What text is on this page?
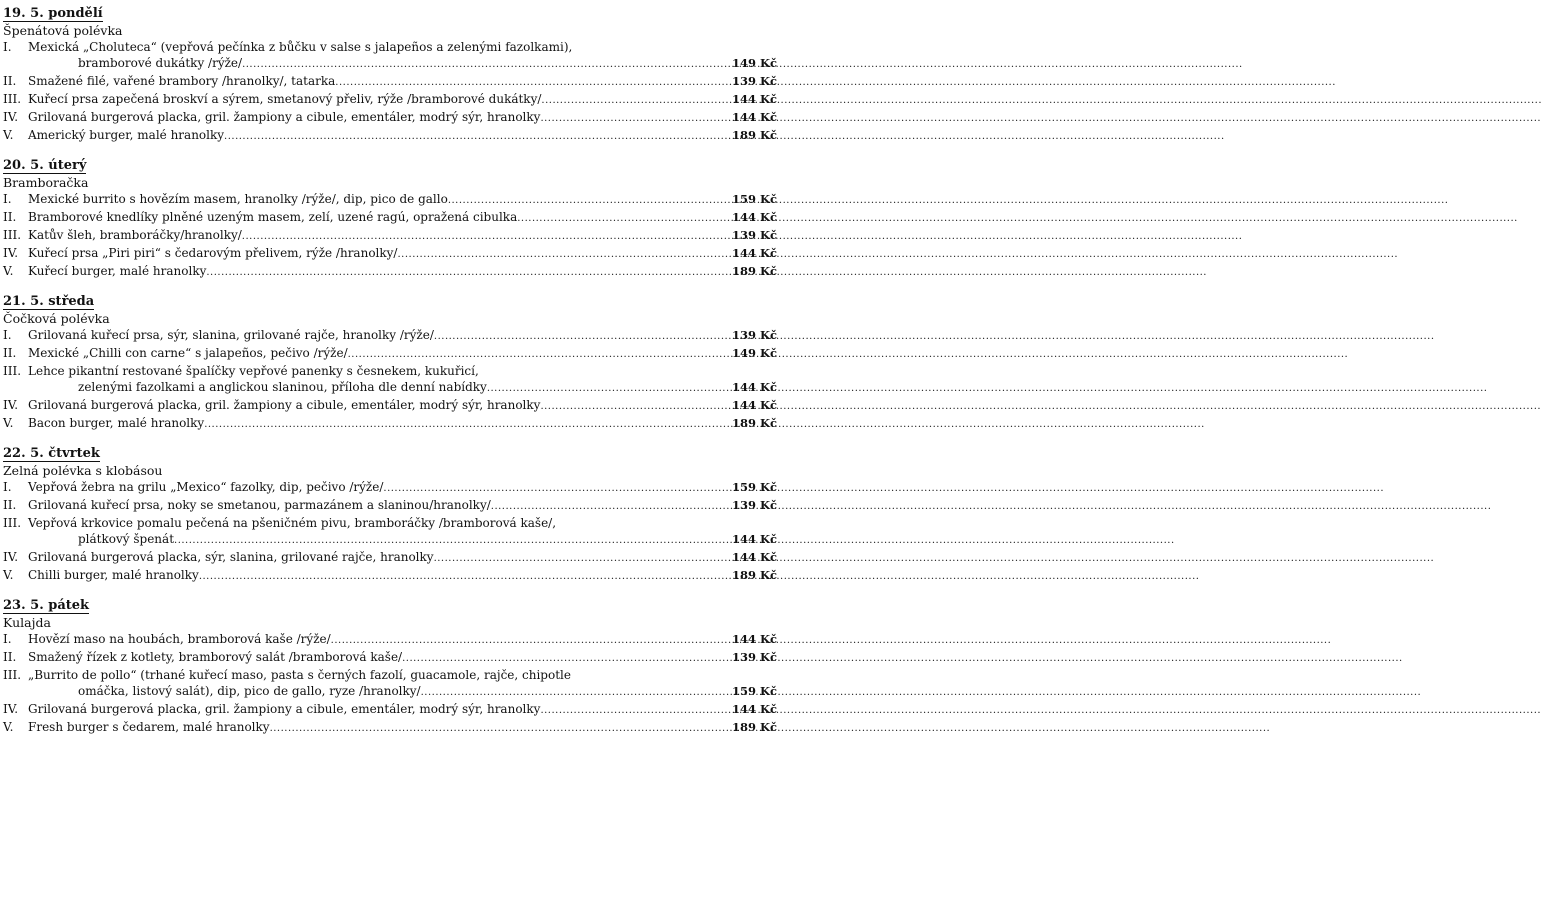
19. 5. pondělí
Špenátová polévka
I.	Mexická „Choluteca“ (vepřová pečínka z bůčku v salse s jalapeños a zelenými fazolkami),
bramborové dukátky /rýže/ .....	149 Kč
II. Smažené filé, vařené brambory /hranolky/, tatarka .....	139 Kč
III. Kuřecí prsa zapečená broskví a sýrem, smetanový přeliv, rýže /bramborové dukátky/ .....	144 Kč
IV. Grilovaná burgerová placka, gril. žampiony a cibule, ementáler, modrý sýr, hranolky .....	144 Kč
V.	Americký burger, malé hranolky .....	189 Kč
20. 5. úterý
Bramboračka
I.	Mexické burrito s hovězím masem, hranolky /rýže/, dip, pico de gallo .....	159 Kč
II. Bramborové knedlíky plněné uzeným masem, zelí, uzené ragú, opražená cibulka .....	144 Kč
III. Katův šleh, bramboráčky/hranolky/ .....	139 Kč
IV. Kuřecí prsa „Piri piri“ s čedarovým přelivem, rýže /hranolky/ .....	144 Kč
V.	Kuřecí burger, malé hranolky .....	189 Kč
21. 5. středa
Čočková polévka
I.	Grilovaná kuřecí prsa, sýr, slanina, grilované rajče, hranolky /rýže/ .....	139 Kč
II. Mexické „Chilli con carne“ s jalapeños, pečivo /rýže/ .....	149 Kč
III. Lehce pikantní restované špalíčky vepřové panenky s česnekem, kukuřicí,
zelenými fazolkami a anglickou slaninou, příloha dle denní nabídky .....	144 Kč
IV. Grilovaná burgerová placka, gril. žampiony a cibule, ementáler, modrý sýr, hranolky .....	144 Kč
V.	Bacon burger, malé hranolky .....	189 Kč
22. 5. čtvrtek
Zelná polévka s klobásou
I.	Vepřová žebra na grilu „Mexico“ fazolky, dip, pečivo /rýže/ .....	159 Kč
II. Grilovaná kuřecí prsa, noky se smetanou, parmazánem a slaninou/hranolky/ .....	139 Kč
III. Vepřová krkovice pomalu pečená na pšeničném pivu, bramboráčky /bramborová kaše/,
plátkový špenát .....	144 Kč
IV. Grilovaná burgerová placka, sýr, slanina, grilované rajče, hranolky .....	144 Kč
V.	Chilli burger, malé hranolky .....	189 Kč
23. 5. pátek
Kulajda
I.	Hovězí maso na houbách, bramborová kaše /rýže/ .....	144 Kč
II. Smažený řízek z kotlety, bramborový salát /bramborová kaše/ .....	139 Kč
III. „Burrito de pollo“ (trhané kuřecí maso, pasta s černých fazolí, guacamole, rajče, chipotle
omáčka, listový salát), dip, pico de gallo, ryze /hranolky/ .....	159 Kč
IV. Grilovaná burgerová placka, gril. žampiony a cibule, ementáler, modrý sýr, hranolky .....	144 Kč
V.	Fresh burger s čedarem, malé hranolky .....	189 Kč
